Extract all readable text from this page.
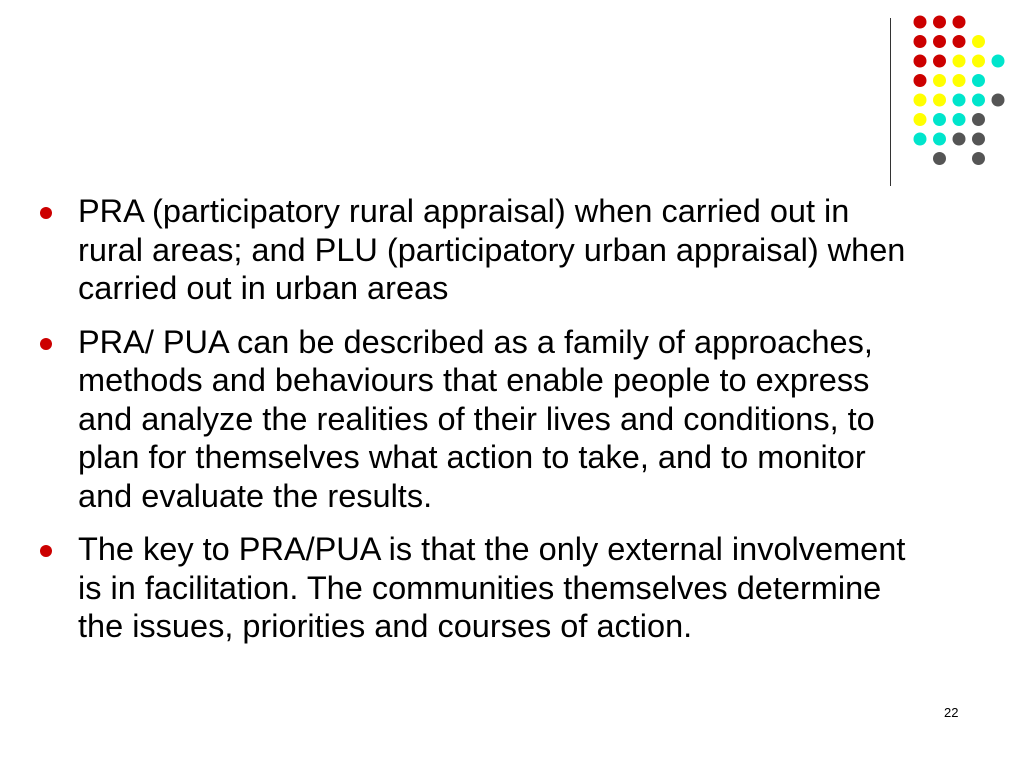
PRA (participatory rural appraisal) when carried out in rural areas; and PLU (participatory urban appraisal) when carried out in urban areas
PRA/ PUA can be described as a family of approaches, methods and behaviours that enable people to express and analyze the realities of their lives and conditions, to plan for themselves what action to take, and to monitor and evaluate the results.
The key to PRA/PUA is that the only external involvement is in facilitation. The communities themselves determine the issues, priorities and courses of action.
22
